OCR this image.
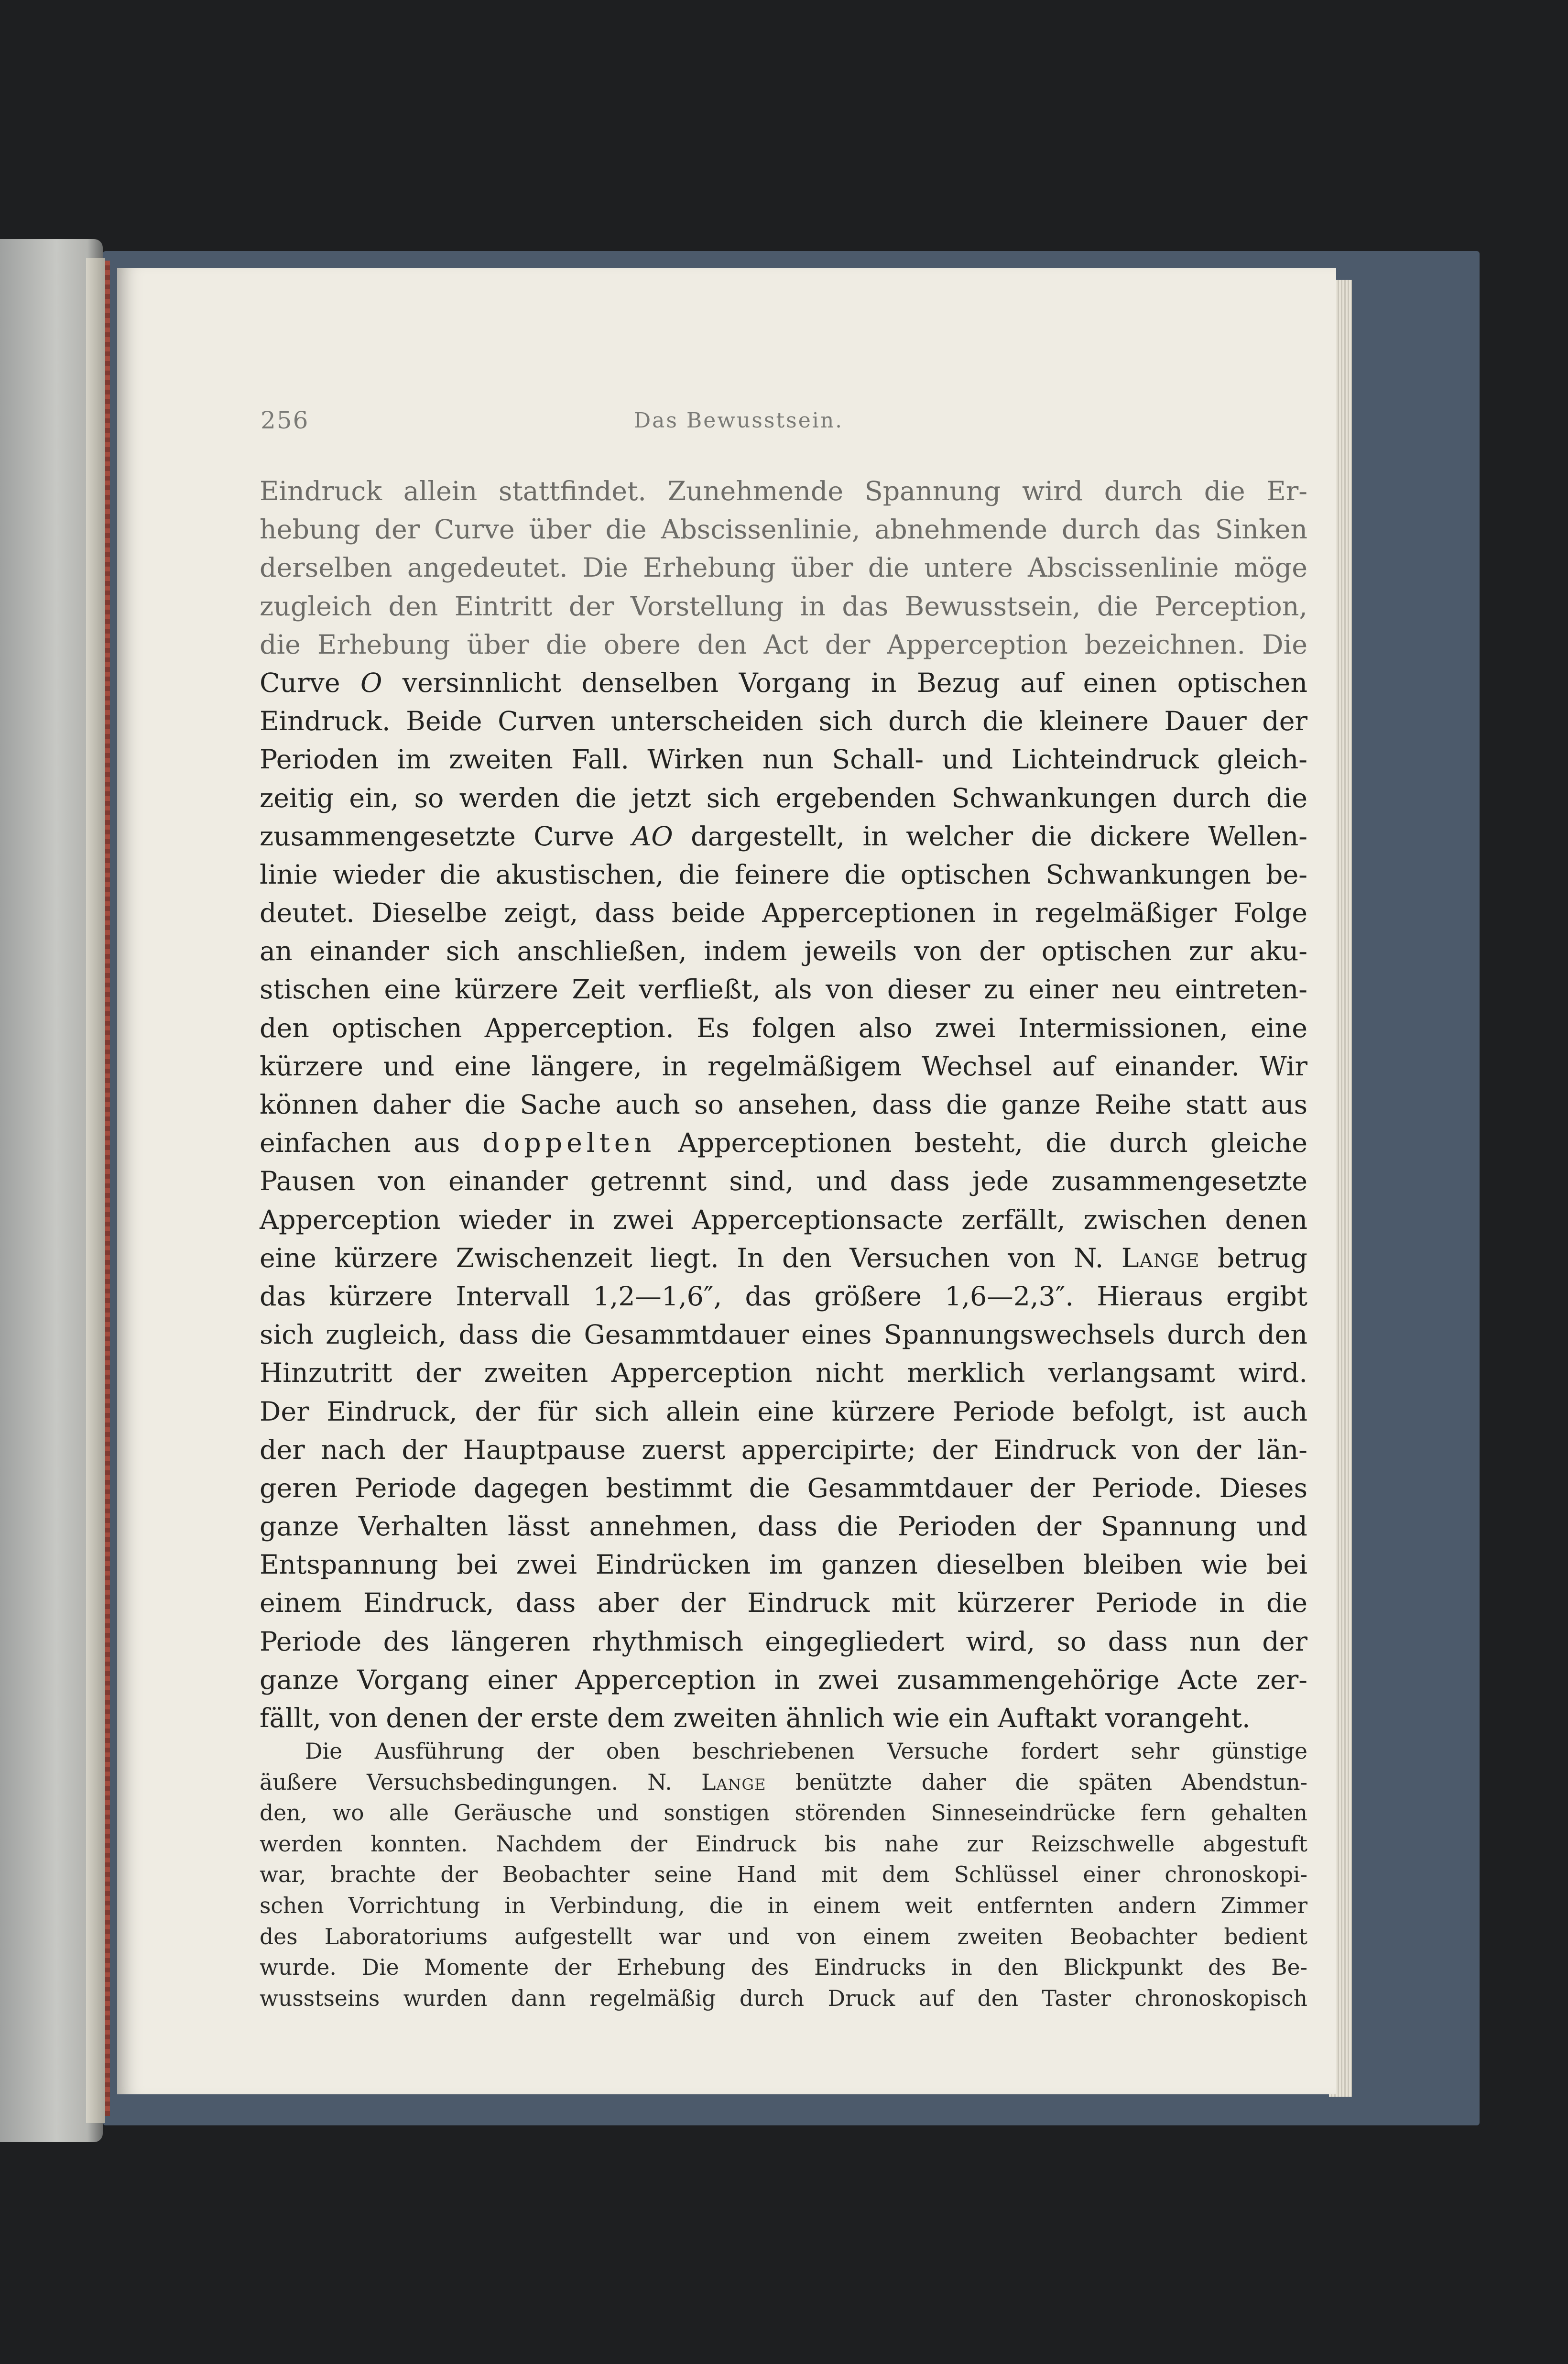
256	Das Bewusstsein.
Eindruck allein stattfindet. Zunehmende Spannung wird durch die Er-
hebung der Curve über die Abscissenlinie, abnehmende durch das Sinken
derselben angedeutet. Die Erhebung über die untere Abscissenlinie möge
zugleich den Eintritt der Vorstellung in das Bewusstsein, die Perception,
die Erhebung über die obere den Act der Apperception bezeichnen. Die
Curve O versinnlicht denselben Vorgang in Bezug auf einen optischen
Eindruck. Beide Curven unterscheiden sich durch die kleinere Dauer der
Perioden im zweiten Fall. Wirken nun Schall- und Lichteindruck gleich-
zeitig ein, so werden die jetzt sich ergebenden Schwankungen durch die
zusammengesetzte Curve AO dargestellt, in welcher die dickere Wellen-
linie wieder die akustischen, die feinere die optischen Schwankungen be-
deutet. Dieselbe zeigt, dass beide Apperceptionen in regelmäßiger Folge
an einander sich anschließen, indem jeweils von der optischen zur aku-
stischen eine kürzere Zeit verfließt, als von dieser zu einer neu eintreten-
den optischen Apperception. Es folgen also zwei Intermissionen, eine
kürzere und eine längere, in regelmäßigem Wechsel auf einander. Wir
können daher die Sache auch so ansehen, dass die ganze Reihe statt aus
einfachen aus doppelten Apperceptionen besteht, die durch gleiche
Pausen von einander getrennt sind, und dass jede zusammengesetzte
Apperception wieder in zwei Apperceptionsacte zerfällt, zwischen denen
eine kürzere Zwischenzeit liegt. In den Versuchen von N. Lange betrug
das kürzere Intervall 1,2—1,6″, das größere 1,6—2,3″. Hieraus ergibt
sich zugleich, dass die Gesammtdauer eines Spannungswechsels durch den
Hinzutritt der zweiten Apperception nicht merklich verlangsamt wird.
Der Eindruck, der für sich allein eine kürzere Periode befolgt, ist auch
der nach der Hauptpause zuerst appercipirte; der Eindruck von der län-
geren Periode dagegen bestimmt die Gesammtdauer der Periode. Dieses
ganze Verhalten lässt annehmen, dass die Perioden der Spannung und
Entspannung bei zwei Eindrücken im ganzen dieselben bleiben wie bei
einem Eindruck, dass aber der Eindruck mit kürzerer Periode in die
Periode des längeren rhythmisch eingegliedert wird, so dass nun der
ganze Vorgang einer Apperception in zwei zusammengehörige Acte zer-
fällt, von denen der erste dem zweiten ähnlich wie ein Auftakt vorangeht.
Die Ausführung der oben beschriebenen Versuche fordert sehr günstige
äußere Versuchsbedingungen. N. Lange benützte daher die späten Abendstun-
den, wo alle Geräusche und sonstigen störenden Sinneseindrücke fern gehalten
werden konnten. Nachdem der Eindruck bis nahe zur Reizschwelle abgestuft
war, brachte der Beobachter seine Hand mit dem Schlüssel einer chronoskopi-
schen Vorrichtung in Verbindung, die in einem weit entfernten andern Zimmer
des Laboratoriums aufgestellt war und von einem zweiten Beobachter bedient
wurde. Die Momente der Erhebung des Eindrucks in den Blickpunkt des Be-
wusstseins wurden dann regelmäßig durch Druck auf den Taster chronoskopisch
